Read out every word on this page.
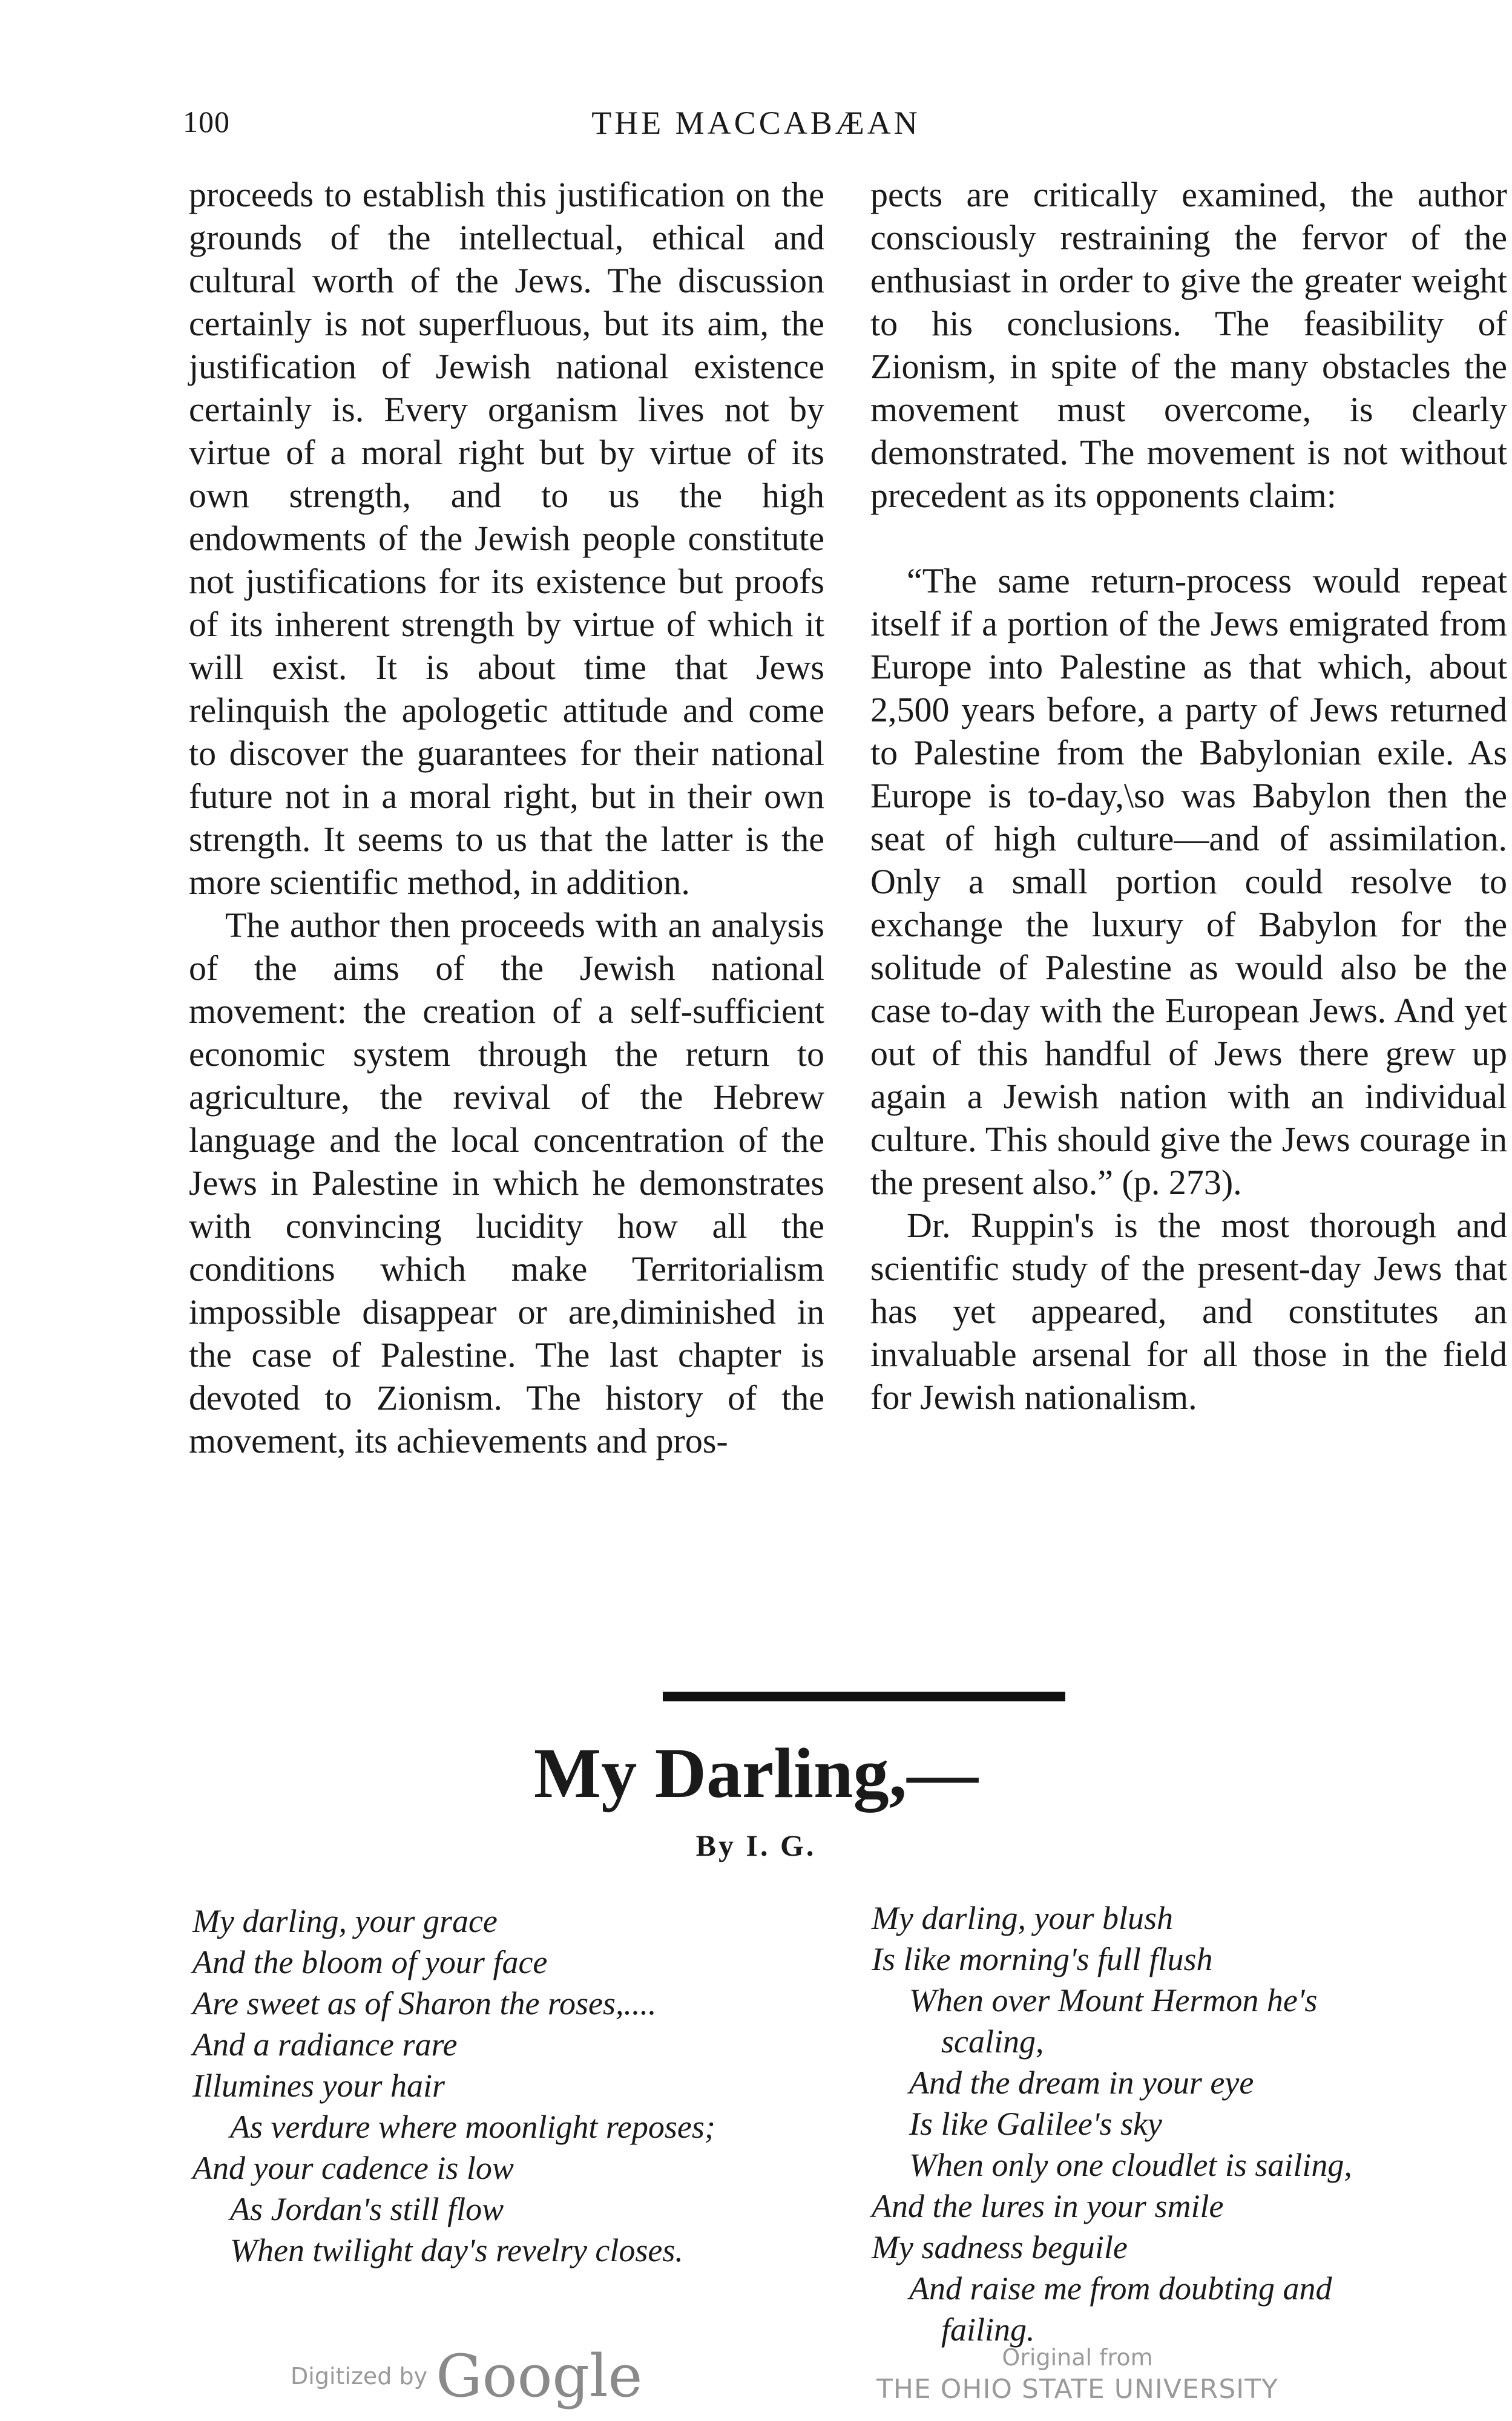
100	THE MACCABÆAN

proceeds to establish this justification on the grounds of the intellectual, ethical and cultural worth of the Jews. The discussion certainly is not superfluous, but its aim, the justification of Jewish national existence certainly is. Every organism lives not by virtue of a moral right but by virtue of its own strength, and to us the high endowments of the Jewish people constitute not justifications for its existence but proofs of its inherent strength by virtue of which it will exist. It is about time that Jews relinquish the apologetic attitude and come to discover the guarantees for their national future not in a moral right, but in their own strength. It seems to us that the latter is the more scientific method, in addition.

The author then proceeds with an analysis of the aims of the Jewish national movement: the creation of a self-sufficient economic system through the return to agriculture, the revival of the Hebrew language and the local concentration of the Jews in Palestine in which he demonstrates with convincing lucidity how all the conditions which make Territorialism impossible disappear or are,diminished in the case of Palestine. The last chapter is devoted to Zionism. The history of the movement, its achievements and pros-

pects are critically examined, the author consciously restraining the fervor of the enthusiast in order to give the greater weight to his conclusions. The feasibility of Zionism, in spite of the many obstacles the movement must overcome, is clearly demonstrated. The movement is not without precedent as its opponents claim:

“The same return-process would repeat itself if a portion of the Jews emigrated from Europe into Palestine as that which, about 2,500 years before, a party of Jews returned to Palestine from the Babylonian exile. As Europe is to-day,\so was Babylon then the seat of high culture—and of assimilation. Only a small portion could resolve to exchange the luxury of Babylon for the solitude of Palestine as would also be the case to-day with the European Jews. And yet out of this handful of Jews there grew up again a Jewish nation with an individual culture. This should give the Jews courage in the present also.” (p. 273).

Dr. Ruppin's is the most thorough and scientific study of the present-day Jews that has yet appeared, and constitutes an invaluable arsenal for all those in the field for Jewish nationalism.

My Darling,—
By I. G.
My darling, your grace
And the bloom of your face
Are sweet as of Sharon the roses,....
And a radiance rare
Illumines your hair
As verdure where moonlight reposes;
And your cadence is low
As Jordan's still flow
When twilight day's revelry closes.
My darling, your blush
Is like morning's full flush
When over Mount Hermon he's
scaling,
And the dream in your eye
Is like Galilee's sky
When only one cloudlet is sailing,
And the lures in your smile
My sadness beguile
And raise me from doubting and
failing.
Digitized by Google	Original from
THE OHIO STATE UNIVERSITY
